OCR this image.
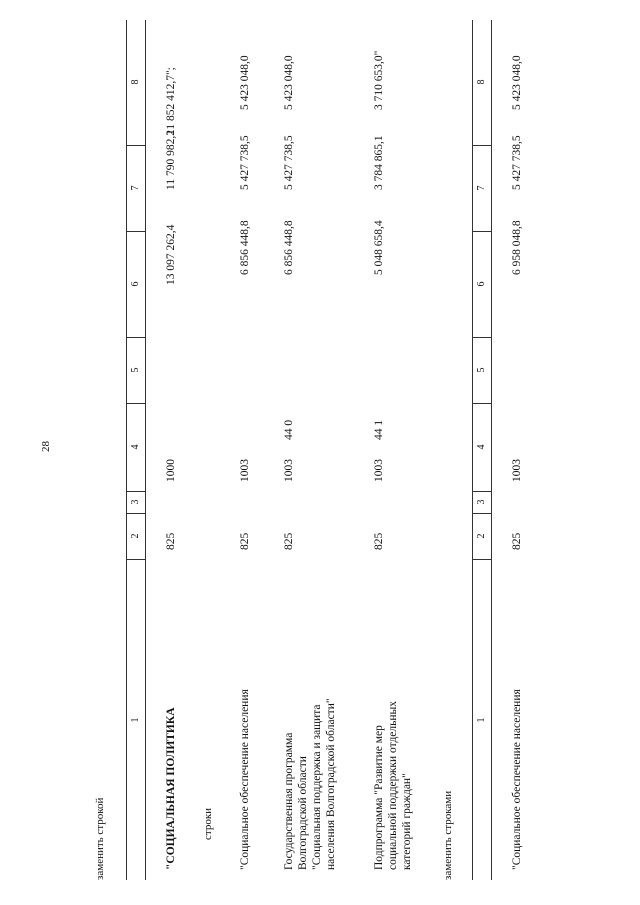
28
заменить строкой
1
2
3
4
5
6
7
8
"СОЦИАЛЬНАЯ ПОЛИТИКА
825
1000
13 097 262,4
11 790 982,2
11 852 412,7";
строки "Социальное обеспечение населения
825
1003
6 856 448,8
5 427 738,5
5 423 048,0
Государственная программа Волгоградской области "Социальная поддержка и защита населения Волгоградской области"
825
1003
44 0
6 856 448,8
5 427 738,5
5 423 048,0
Подпрограмма "Развитие мер социальной поддержки отдельных категорий граждан"
825
1003
44 1
5 048 658,4
3 784 865,1
3 710 653,0"
заменить строками
1
2
3
4
5
6
7
8
"Социальное обеспечение населения
825
1003
6 958 048,8
5 427 738,5
5 423 048,0
